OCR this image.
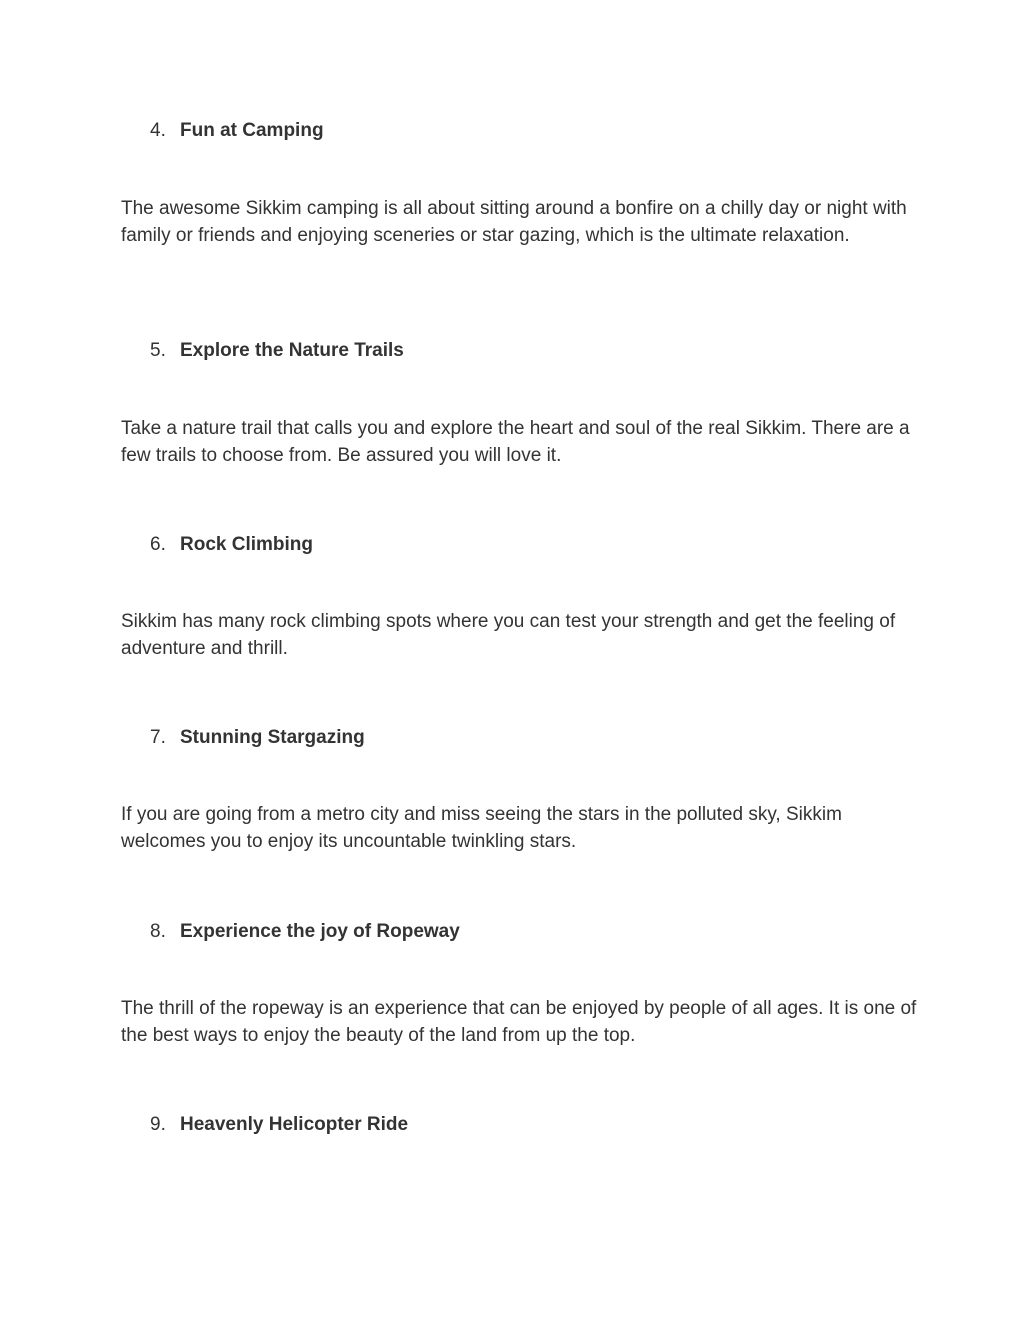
4. Fun at Camping

The awesome Sikkim camping is all about sitting around a bonfire on a chilly day or night with family or friends and enjoying sceneries or star gazing, which is the ultimate relaxation.

5. Explore the Nature Trails

Take a nature trail that calls you and explore the heart and soul of the real Sikkim. There are a few trails to choose from. Be assured you will love it.

6. Rock Climbing

Sikkim has many rock climbing spots where you can test your strength and get the feeling of adventure and thrill.

7. Stunning Stargazing

If you are going from a metro city and miss seeing the stars in the polluted sky, Sikkim welcomes you to enjoy its uncountable twinkling stars.

8. Experience the joy of Ropeway

The thrill of the ropeway is an experience that can be enjoyed by people of all ages. It is one of the best ways to enjoy the beauty of the land from up the top.

9. Heavenly Helicopter Ride
